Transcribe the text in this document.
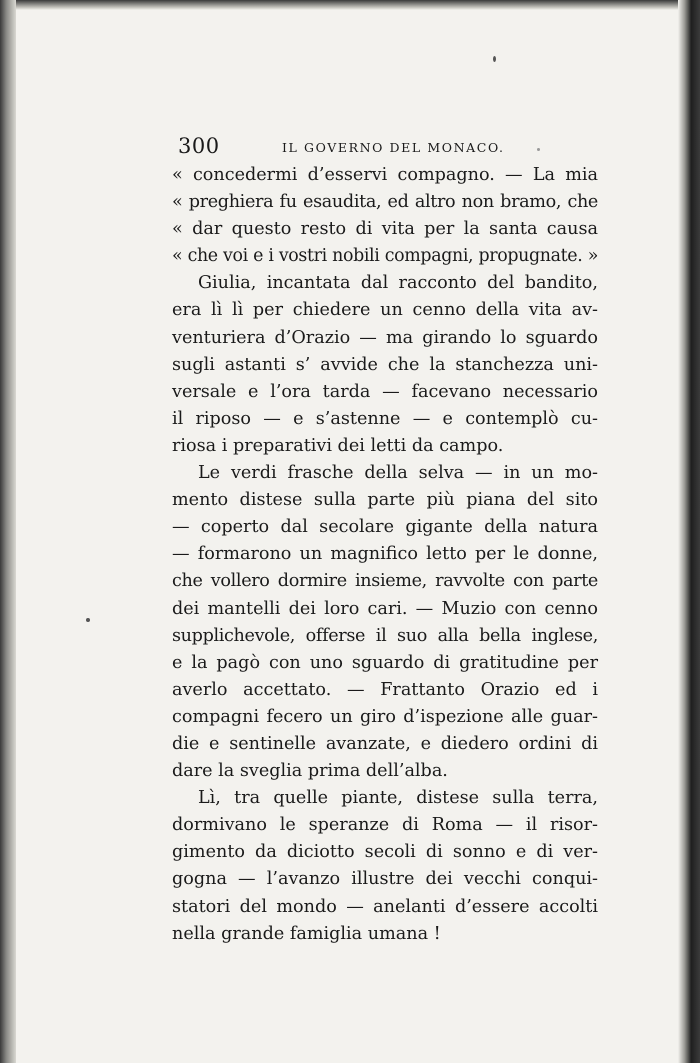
300	IL GOVERNO DEL MONACO.
« concedermi d’esservi compagno. — La mia
« preghiera fu esaudita, ed altro non bramo, che
« dar questo resto di vita per la santa causa
« che voi e i vostri nobili compagni, propugnate. »
Giulia, incantata dal racconto del bandito,
era lì lì per chiedere un cenno della vita av-
venturiera d’Orazio — ma girando lo sguardo
sugli astanti s’ avvide che la stanchezza uni-
versale e l’ora tarda — facevano necessario
il riposo — e s’astenne — e contemplò cu-
riosa i preparativi dei letti da campo.
Le verdi frasche della selva — in un mo-
mento distese sulla parte più piana del sito
— coperto dal secolare gigante della natura
— formarono un magnifico letto per le donne,
che vollero dormire insieme, ravvolte con parte
dei mantelli dei loro cari. — Muzio con cenno
supplichevole, offerse il suo alla bella inglese,
e la pagò con uno sguardo di gratitudine per
averlo accettato. — Frattanto Orazio ed i
compagni fecero un giro d’ispezione alle guar-
die e sentinelle avanzate, e diedero ordini di
dare la sveglia prima dell’alba.
Lì, tra quelle piante, distese sulla terra,
dormivano le speranze di Roma — il risor-
gimento da diciotto secoli di sonno e di ver-
gogna — l’avanzo illustre dei vecchi conqui-
statori del mondo — anelanti d’essere accolti
nella grande famiglia umana !
